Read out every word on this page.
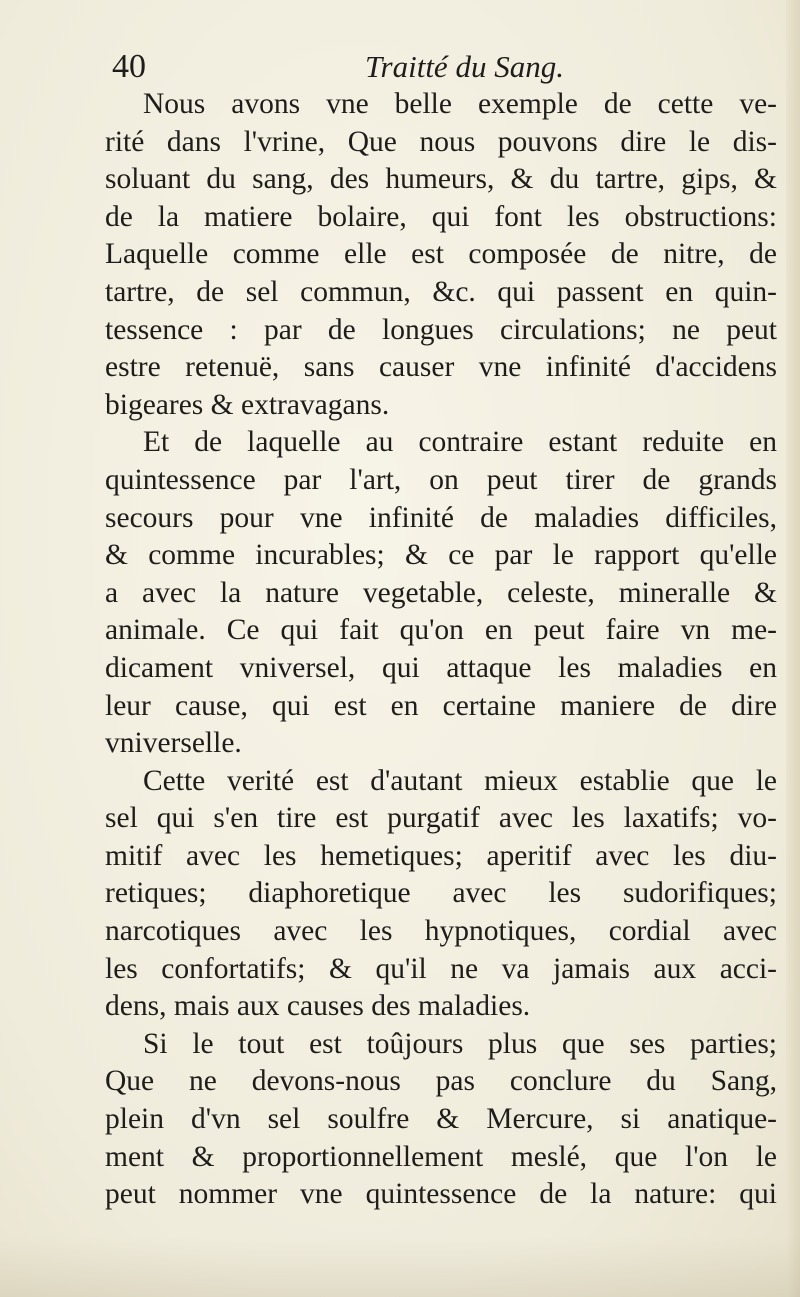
40	Traitté du Sang.
Nous avons vne belle exemple de cette ve-
rité dans l'vrine, Que nous pouvons dire le dis-
soluant du sang, des humeurs, & du tartre, gips, &
de la matiere bolaire, qui font les obstructions:
Laquelle comme elle est composée de nitre, de
tartre, de sel commun, &c. qui passent en quin-
tessence : par de longues circulations; ne peut
estre retenuë, sans causer vne infinité d'accidens
bigeares & extravagans.
Et de laquelle au contraire estant reduite en
quintessence par l'art, on peut tirer de grands
secours pour vne infinité de maladies difficiles,
& comme incurables; & ce par le rapport qu'elle
a avec la nature vegetable, celeste, mineralle &
animale. Ce qui fait qu'on en peut faire vn me-
dicament vniversel, qui attaque les maladies en
leur cause, qui est en certaine maniere de dire
vniverselle.
Cette verité est d'autant mieux establie que le
sel qui s'en tire est purgatif avec les laxatifs; vo-
mitif avec les hemetiques; aperitif avec les diu-
retiques; diaphoretique avec les sudorifiques;
narcotiques avec les hypnotiques, cordial avec
les confortatifs; & qu'il ne va jamais aux acci-
dens, mais aux causes des maladies.
Si le tout est toûjours plus que ses parties;
Que ne devons-nous pas conclure du Sang,
plein d'vn sel soulfre & Mercure, si anatique-
ment & proportionnellement meslé, que l'on le
peut nommer vne quintessence de la nature: qui
